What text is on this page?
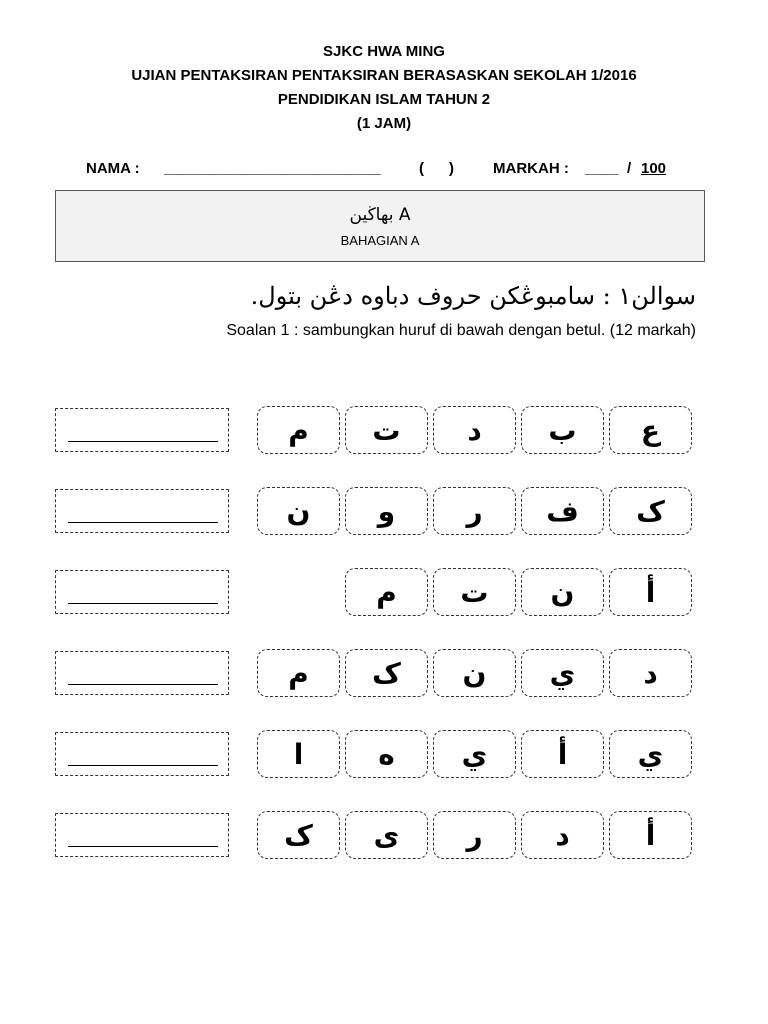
SJKC HWA MING
UJIAN PENTAKSIRAN PENTAKSIRAN BERASASKAN SEKOLAH 1/2016
PENDIDIKAN ISLAM TAHUN 2
(1 JAM)
NAMA : __________________________	(      )	MARKAH : ____ / 100
بهاڬين A
BAHAGIAN A
سوالن١ : سامبوڠكن حروف دباوه دڠن بتول.
Soalan 1 : sambungkan huruf di bawah dengan betul. (12 markah)
ع
ب
د
ت
م
ک
ف
ر
و
ن
أ
ن
ت
م
د
ي
ن
ک
م
ي
أ
ي
ه
ا
أ
د
ر
ى
ک
